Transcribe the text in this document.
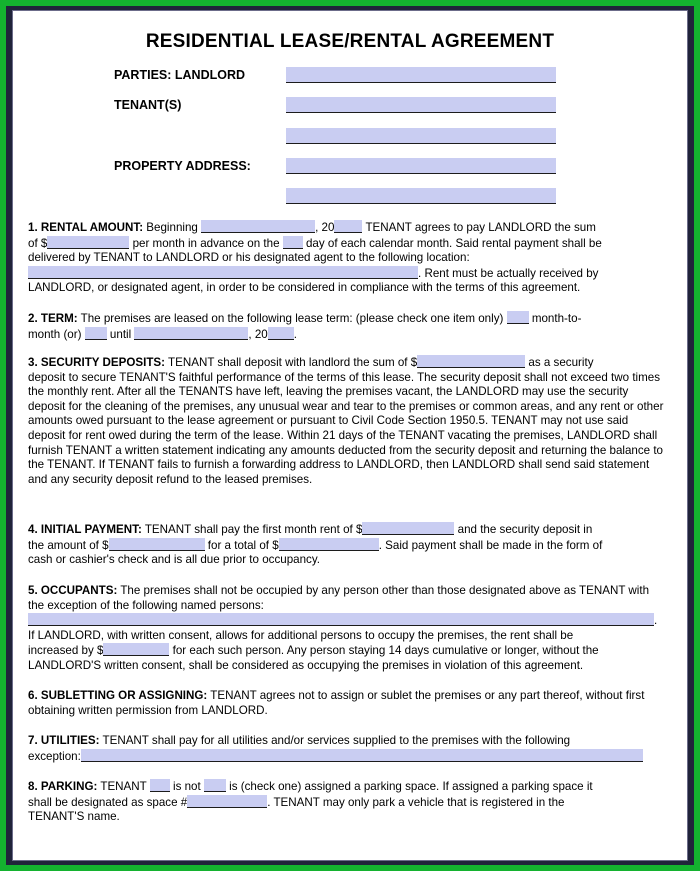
RESIDENTIAL LEASE/RENTAL AGREEMENT
PARTIES: LANDLORD
TENANT(S)
PROPERTY ADDRESS:
1. RENTAL AMOUNT: Beginning	, 20 TENANT agrees to pay LANDLORD the sum
of $	per month in advance on the  day of each calendar month. Said rental payment shall be
delivered by TENANT to LANDLORD or his designated agent to the following location:
. Rent must be actually received by
LANDLORD, or designated agent, in order to be considered in compliance with the terms of this agreement.
2. TERM: The premises are leased on the following lease term: (please check one item only)  month-to-
month (or)  until	, 20 .
3. SECURITY DEPOSITS: TENANT shall deposit with landlord the sum of $	as a security
deposit to secure TENANT'S faithful performance of the terms of this lease. The security deposit shall not exceed two times the monthly rent. After all the TENANTS have left, leaving the premises vacant, the LANDLORD may use the security deposit for the cleaning of the premises, any unusual wear and tear to the premises or common areas, and any rent or other amounts owed pursuant to the lease agreement or pursuant to Civil Code Section 1950.5. TENANT may not use said deposit for rent owed during the term of the lease. Within 21 days of the TENANT vacating the premises, LANDLORD shall furnish TENANT a written statement indicating any amounts deducted from the security deposit and returning the balance to the TENANT. If TENANT fails to furnish a forwarding address to LANDLORD, then LANDLORD shall send said statement and any security deposit refund to the leased premises.
4. INITIAL PAYMENT: TENANT shall pay the first month rent of $	and the security deposit in
the amount of $	for a total of $	. Said payment shall be made in the form of
cash or cashier's check and is all due prior to occupancy.
5. OCCUPANTS: The premises shall not be occupied by any person other than those designated above as TENANT with the exception of the following named persons:
.
If LANDLORD, with written consent, allows for additional persons to occupy the premises, the rent shall be
increased by $	for each such person. Any person staying 14 days cumulative or longer, without the LANDLORD'S written consent, shall be considered as occupying the premises in violation of this agreement.
6. SUBLETTING OR ASSIGNING: TENANT agrees not to assign or sublet the premises or any part thereof, without first obtaining written permission from LANDLORD.
7. UTILITIES: TENANT shall pay for all utilities and/or services supplied to the premises with the following
exception:
8. PARKING: TENANT  is not  is (check one) assigned a parking space. If assigned a parking space it
shall be designated as space #	. TENANT may only park a vehicle that is registered in the
TENANT'S name.
